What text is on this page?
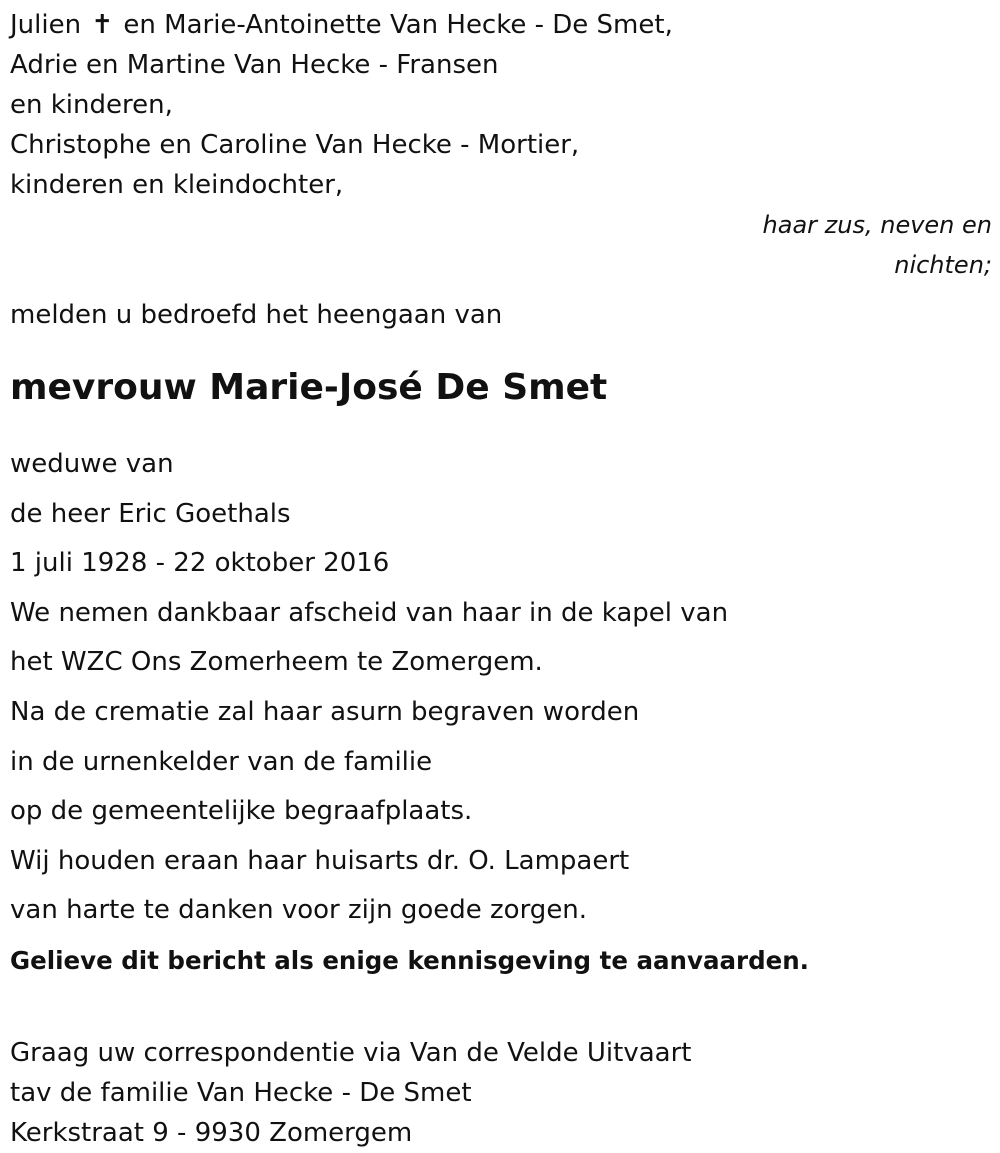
Julien ✝ en Marie-Antoinette Van Hecke - De Smet,
Adrie en Martine Van Hecke - Fransen
en kinderen,
Christophe en Caroline Van Hecke - Mortier,
kinderen en kleindochter,
haar zus, neven en nichten;
melden u bedroefd het heengaan van
mevrouw Marie-José De Smet
weduwe van
de heer Eric Goethals
1 juli 1928 - 22 oktober 2016
We nemen dankbaar afscheid van haar in de kapel van
het WZC Ons Zomerheem te Zomergem.
Na de crematie zal haar asurn begraven worden
in de urnenkelder van de familie
op de gemeentelijke begraafplaats.
Wij houden eraan haar huisarts dr. O. Lampaert
van harte te danken voor zijn goede zorgen.
Gelieve dit bericht als enige kennisgeving te aanvaarden.
Graag uw correspondentie via Van de Velde Uitvaart
tav de familie Van Hecke - De Smet
Kerkstraat 9 - 9930 Zomergem
